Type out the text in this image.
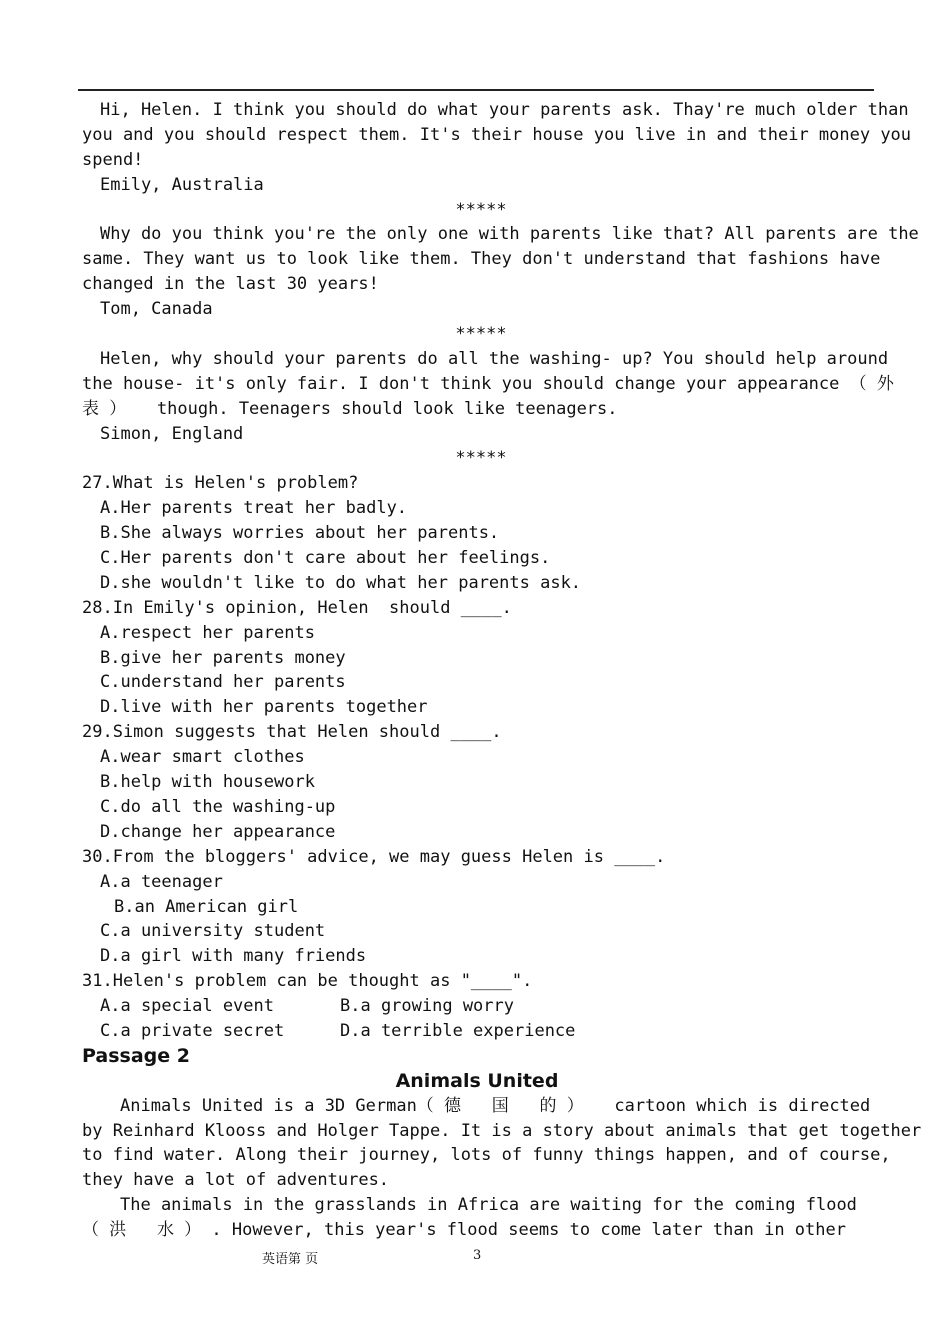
Hi, Helen. I think you should do what your parents ask. Thay're much older than
you and you should respect them. It's their house you live in and their money you
spend!
Emily, Australia
*****
Why do you think you're the only one with parents like that? All parents are the
same. They want us to look like them. They don't understand that fashions have
changed in the last 30 years!
Tom, Canada
*****
Helen, why should your parents do all the washing- up? You should help around
the house- it's only fair. I don't think you should change your appearance （ 外
表 ）   though. Teenagers should look like teenagers.
Simon, England
*****
27.What is Helen's problem?
A.Her parents treat her badly.
B.She always worries about her parents.
C.Her parents don't care about her feelings.
D.she wouldn't like to do what her parents ask.
28.In Emily's opinion, Helen  should ____.
A.respect her parents
B.give her parents money
C.understand her parents
D.live with her parents together
29.Simon suggests that Helen should ____.
A.wear smart clothes
B.help with housework
C.do all the washing-up
D.change her appearance
30.From the bloggers' advice, we may guess Helen is ____.
A.a teenager
B.an American girl
C.a university student
D.a girl with many friends
31.Helen's problem can be thought as "____".
A.a special event	B.a growing worry
C.a private secret	D.a terrible experience
Passage 2
Animals United
Animals United is a 3D German（ 德   国   的 ）   cartoon which is directed
by Reinhard Klooss and Holger Tappe. It is a story about animals that get together
to find water. Along their journey, lots of funny things happen, and of course,
they have a lot of adventures.
The animals in the grasslands in Africa are waiting for the coming flood
（ 洪   水 ） . However, this year's flood seems to come later than in other
英语第 页	3
